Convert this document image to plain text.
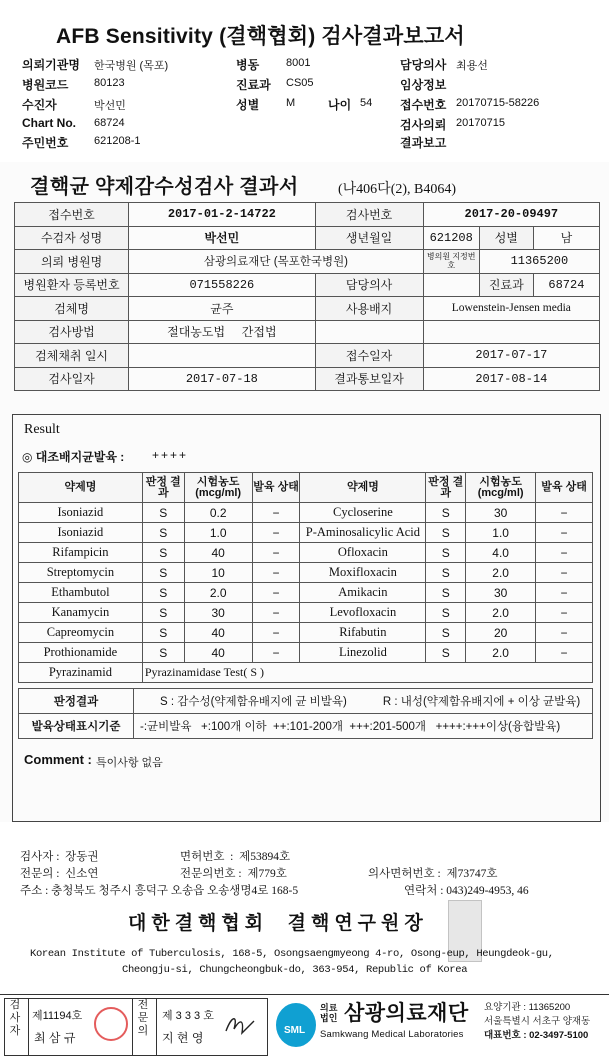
AFB Sensitivity (결핵협회) 검사결과보고서
의뢰기관명 한국병원 (목포)	병동 8001	담당의사 최용선
병원코드 80123	진료과 CS05	임상정보
수진자	박선민	성별 M	나이 54 접수번호 20170715-58226
Chart No. 68724	검사의뢰 20170715
주민번호 621208-1	결과보고
결핵균 약제감수성검사 결과서	(나406다(2), B4064)
접수번호	2017-01-2-14722	검사번호	2017-20-09497		
수검자 성명	박선민	생년월일	621208	성별	남
의뢰 병원명	삼광의료재단 (목포한국병원)		병의원 지정번호	11365200	
병원환자 등록번호	071558226	담당의사		진료과	68724
검체명	균주	사용배지	Lowenstein-Jensen media		
검사방법	절대농도법 간접법				
검체채취 일시		접수일자	2017-07-17		
검사일자	2017-07-18	결과통보일자	2017-08-14		
Result
◎ 대조배지균발육 : ++++
약제명	판정 결과	시험농도 (mcg/ml)	발육 상태	약제명	판정 결과	시험농도 (mcg/ml)	발육 상태
Isoniazid	S	0.2	−	Cycloserine	S	30	−
Isoniazid	S	1.0	−	P-Aminosalicylic Acid	S	1.0	−
Rifampicin	S	40	−	Ofloxacin	S	4.0	−
Streptomycin	S	10	−	Moxifloxacin	S	2.0	−
Ethambutol	S	2.0	−	Amikacin	S	30	−
Kanamycin	S	30	−	Levofloxacin	S	2.0	−
Capreomycin	S	40	−	Rifabutin	S	20	−
Prothionamide	S	40	−	Linezolid	S	2.0	−
Pyrazinamid	Pyrazinamidase Test( S )						
판정결과	S : 감수성(약제함유배지에 균 비발육) R : 내성(약제함유배지에 + 이상 균발육)
발육상태표시기준	-:균비발육   +:100개 이하  ++:101-200개  +++:201-500개   ++++:+++이상(융합발육)
Comment : 특이사항 없음
검사자 :  장동권	면허번호  :  제53894호
전문의 :  신소연	전문의번호 :  제779호	의사면허번호 :  제73747호
주소 : 충청북도 청주시 흥덕구 오송읍 오송생명4로 168-5	연락처 : 043)249-4953, 46
대한결핵협회  결핵연구원장
Korean Institute of Tuberculosis, 168-5, Osongsaengmyeong 4-ro, Osong-eup, Heungdeok-gu,
Cheongju-si, Chungcheongbuk-do, 363-954, Republic of Korea
검사자
제11194호
최 삼 규
전문의
제 3 3 3 호
지 현 영
SML
의료법인 삼광의료재단
Samkwang Medical Laboratories
요양기관 : 11365200
서울특별시 서초구 양재동
대표번호 : 02-3497-5100
